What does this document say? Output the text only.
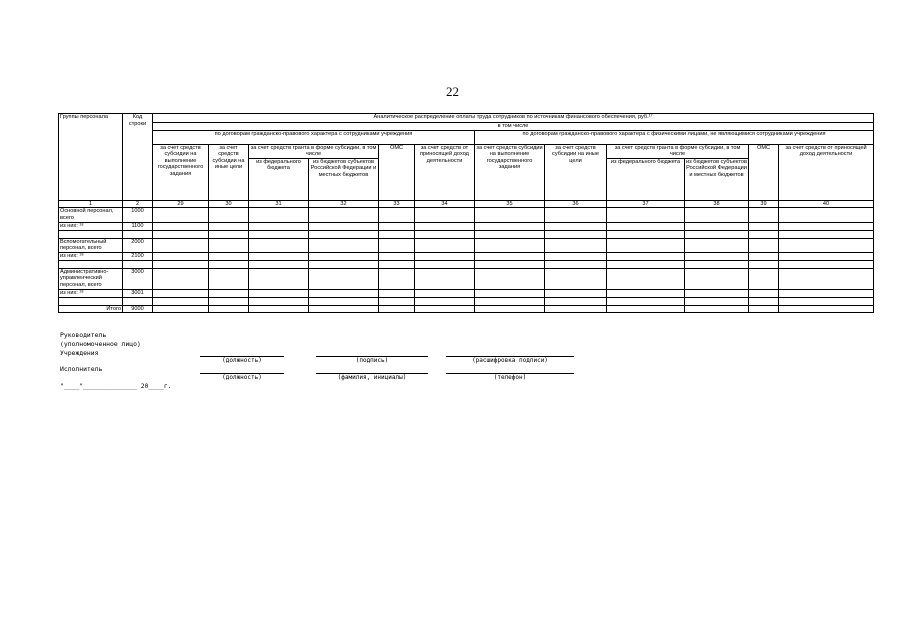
22
Группы персонала	Код строки	Аналитическое распределение оплаты труда сотрудников по источникам финансового обеспечения, руб.¹⁷											
		в том числе											
		по договорам гражданско-правового характера с сотрудниками учреждения						по договорам гражданско-правового характера с физическими лицами, не являющимися сотрудниками учреждения					
		за счет средств субсидии на выполнение государственного задания	за счет средств субсидии на иные цели	за счет средств гранта в форме субсидии, в том числе		ОМС	за счет средств от приносящей доход деятельности	за счет средств субсидии на выполнение государственного задания	за счет средств субсидии на иные цели	за счет средств гранта в форме субсидии, в том числе		ОМС	за счет средств от приносящей доход деятельности
				из федерального бюджета	из бюджетов субъектов Российской Федерации и местных бюджетов					из федерального бюджета	из бюджетов субъектов Российской Федерации и местных бюджетов		
1	2	29	30	31	32	33	34	35	36	37	38	39	40
Основной персонал, всего	1000												
из них: ¹⁸	1100												

Вспомогательный персонал, всего	2000												
из них: ¹⁸	2100												

Административно-управленческий персонал, всего	3000												
из них: ¹⁸	3001												

Итого	9000												
Руководитель
(уполномоченное лицо)
Учреждения
(должность)	(подпись)	(расшифровка подписи)
Исполнитель
(должность)	(фамилия, инициалы)	(телефон)
"____"______________ 20____г.
